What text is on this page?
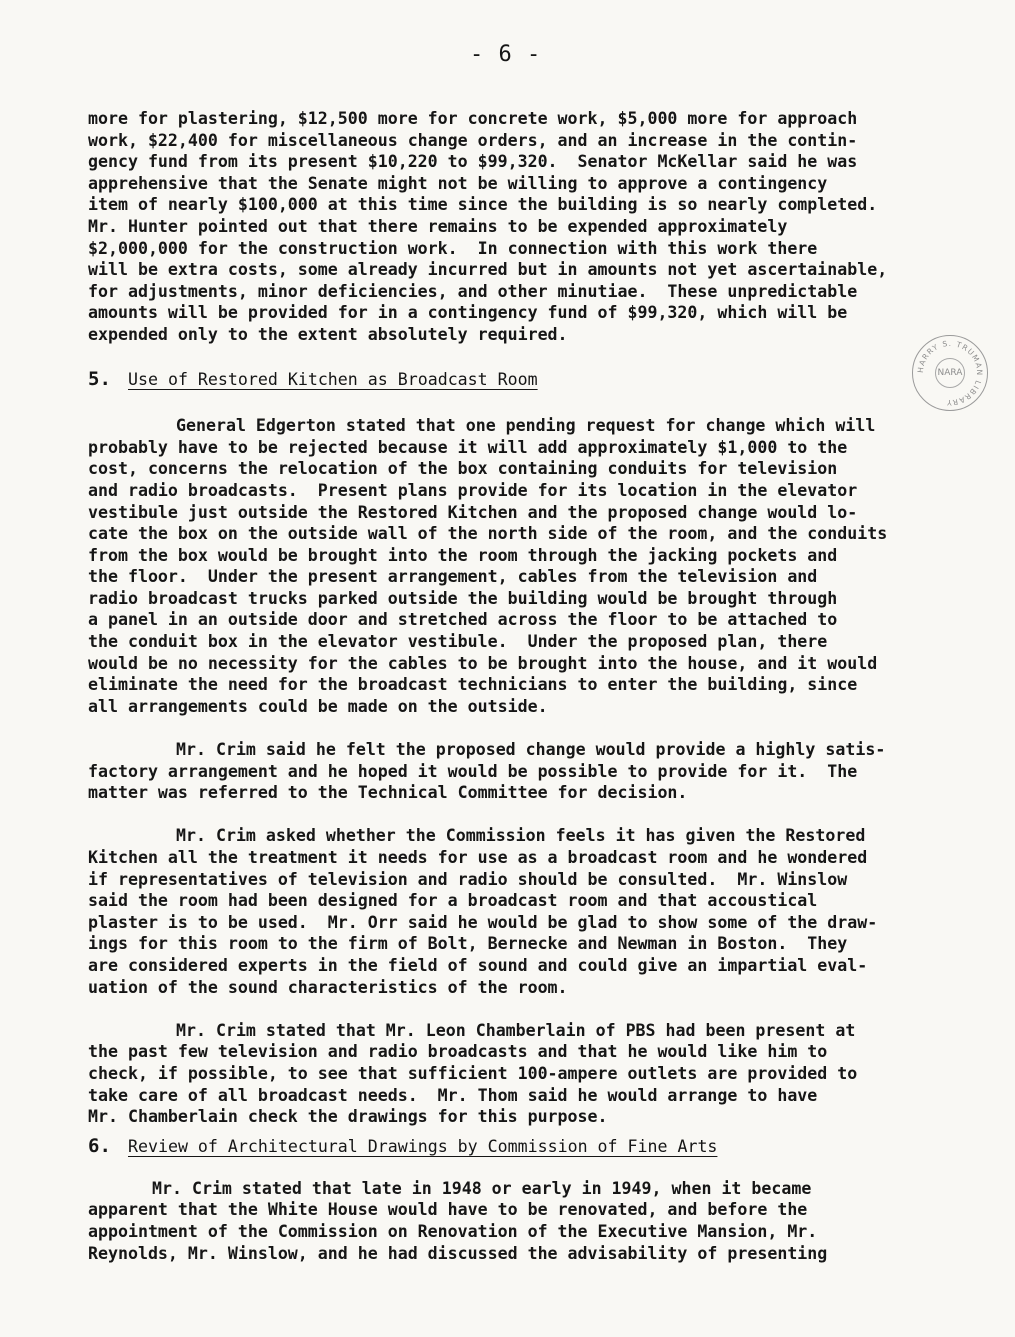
- 6 -
HARRY S. TRUMAN LIBRARY
NARA
more for plastering, $12,500 more for concrete work, $5,000 more for approach
work, $22,400 for miscellaneous change orders, and an increase in the contin-
gency fund from its present $10,220 to $99,320.  Senator McKellar said he was
apprehensive that the Senate might not be willing to approve a contingency
item of nearly $100,000 at this time since the building is so nearly completed.
Mr. Hunter pointed out that there remains to be expended approximately
$2,000,000 for the construction work.  In connection with this work there
will be extra costs, some already incurred but in amounts not yet ascertainable,
for adjustments, minor deficiencies, and other minutiae.  These unpredictable
amounts will be provided for in a contingency fund of $99,320, which will be
expended only to the extent absolutely required.
5.	Use of Restored Kitchen as Broadcast Room
General Edgerton stated that one pending request for change which will
probably have to be rejected because it will add approximately $1,000 to the
cost, concerns the relocation of the box containing conduits for television
and radio broadcasts.  Present plans provide for its location in the elevator
vestibule just outside the Restored Kitchen and the proposed change would lo-
cate the box on the outside wall of the north side of the room, and the conduits
from the box would be brought into the room through the jacking pockets and
the floor.  Under the present arrangement, cables from the television and
radio broadcast trucks parked outside the building would be brought through
a panel in an outside door and stretched across the floor to be attached to
the conduit box in the elevator vestibule.  Under the proposed plan, there
would be no necessity for the cables to be brought into the house, and it would
eliminate the need for the broadcast technicians to enter the building, since
all arrangements could be made on the outside.
Mr. Crim said he felt the proposed change would provide a highly satis-
factory arrangement and he hoped it would be possible to provide for it.  The
matter was referred to the Technical Committee for decision.
Mr. Crim asked whether the Commission feels it has given the Restored
Kitchen all the treatment it needs for use as a broadcast room and he wondered
if representatives of television and radio should be consulted.  Mr. Winslow
said the room had been designed for a broadcast room and that accoustical
plaster is to be used.  Mr. Orr said he would be glad to show some of the draw-
ings for this room to the firm of Bolt, Bernecke and Newman in Boston.  They
are considered experts in the field of sound and could give an impartial eval-
uation of the sound characteristics of the room.
Mr. Crim stated that Mr. Leon Chamberlain of PBS had been present at
the past few television and radio broadcasts and that he would like him to
check, if possible, to see that sufficient 100-ampere outlets are provided to
take care of all broadcast needs.  Mr. Thom said he would arrange to have
Mr. Chamberlain check the drawings for this purpose.
6.	Review of Architectural Drawings by Commission of Fine Arts
Mr. Crim stated that late in 1948 or early in 1949, when it became
apparent that the White House would have to be renovated, and before the
appointment of the Commission on Renovation of the Executive Mansion, Mr.
Reynolds, Mr. Winslow, and he had discussed the advisability of presenting
